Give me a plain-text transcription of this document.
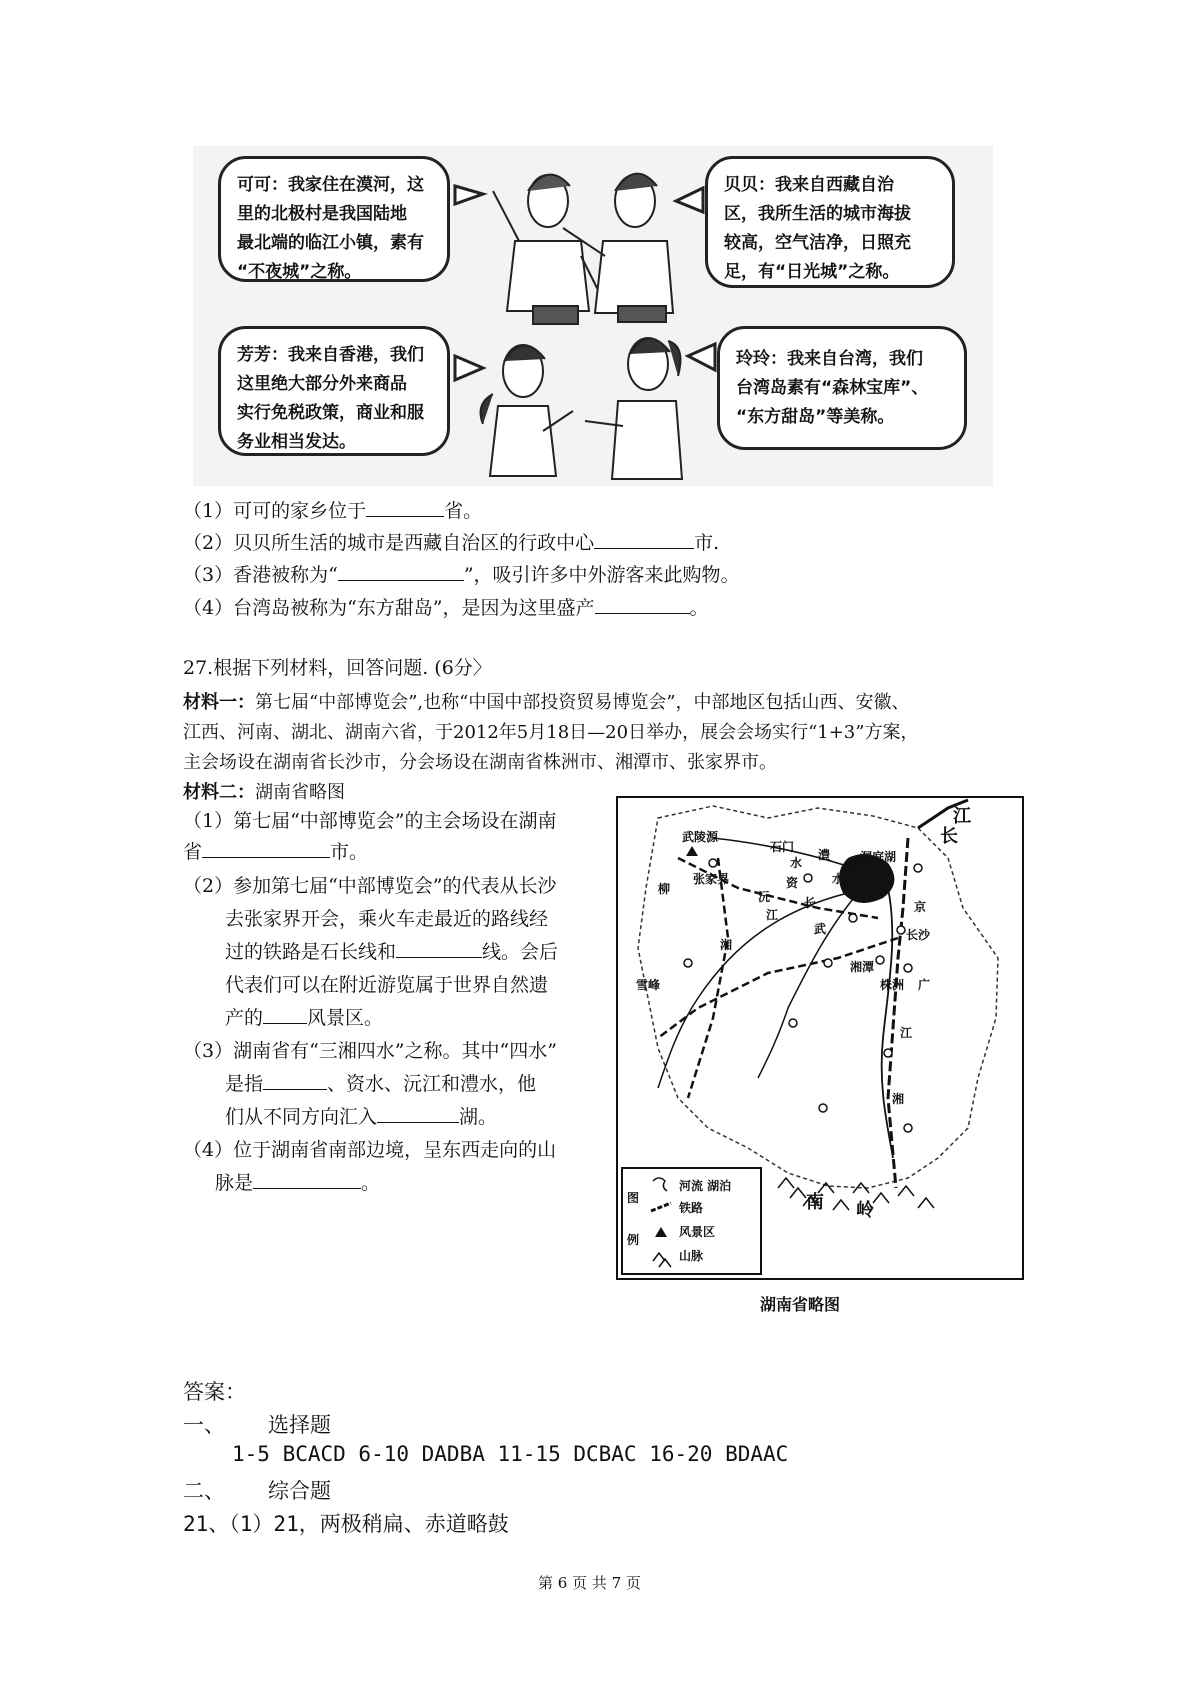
可可：我家住在漠河，这
里的北极村是我国陆地
最北端的临江小镇，素有
“不夜城”之称。
贝贝：我来自西藏自治
区，我所生活的城市海拔
较高，空气洁净，日照充
足，有“日光城”之称。
芳芳：我来自香港，我们
这里绝大部分外来商品
实行免税政策，商业和服
务业相当发达。
玲玲：我来自台湾，我们
台湾岛素有“森林宝库”、
“东方甜岛”等美称。
（1）可可的家乡位于	省。
（2）贝贝所生活的城市是西藏自治区的行政中心	市.
（3）香港被称为“	”，吸引许多中外游客来此购物。
（4）台湾岛被称为“东方甜岛”，是因为这里盛产	。
27.根据下列材料，回答问题. (6分〉
材料一：第七届“中部博览会”,也称“中国中部投资贸易博览会”，中部地区包括山西、安徽、
江西、河南、湖北、湖南六省，于2012年5月18日—20日举办，展会会场实行“1+3”方案，
主会场设在湖南省长沙市，分会场设在湖南省株洲市、湘潭市、张家界市。
材料二：湖南省略图
（1）第七届“中部博览会”的主会场设在湖南
省	市。
（2）参加第七届“中部博览会”的代表从长沙
去张家界开会，乘火车走最近的路线经
过的铁路是石长线和	线。会后
代表们可以在附近游览属于世界自然遗
产的 风景区。
（3）湖南省有“三湘四水”之称。其中“四水”
是指	、资水、沅江和澧水，他
们从不同方向汇入	湖。
（4）位于湖南省南部边境，呈东西走向的山
脉是	。
江
长
石门
武陵源
张家界
洞庭湖
澧
水
资	水
沅
江
长
长沙
湘潭
株洲
柳
武
湘
雪峰
京
广
岭
南
江
湘
图
例
河流 湖泊
铁路
风景区
山脉
湖南省略图
答案：
一、 选择题
1-5 BCACD 6-10 DADBA 11-15 DCBAC 16-20 BDAAC
二、 综合题
21、（1）21，两极稍扁、赤道略鼓
第 6 页 共 7 页
